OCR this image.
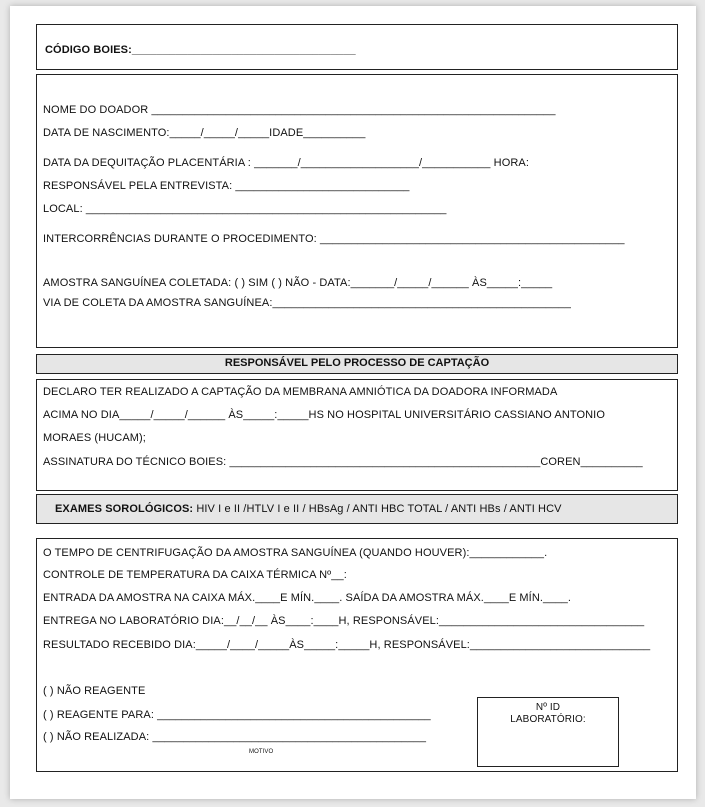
CÓDIGO BOIES:____________________________________
NOME DO DOADOR _________________________________________________________________
DATA DE NASCIMENTO:_____/_____/_____IDADE__________
DATA DA DEQUITAÇÃO PLACENTÁRIA : _______/___________________/___________ HORA:
RESPONSÁVEL PELA ENTREVISTA: ____________________________
LOCAL: __________________________________________________________
INTERCORRÊNCIAS DURANTE O PROCEDIMENTO: _________________________________________________
AMOSTRA SANGUÍNEA COLETADA: ( ) SIM ( ) NÃO - DATA:_______/_____/______ ÀS_____:_____
VIA DE COLETA DA AMOSTRA SANGUÍNEA:________________________________________________
RESPONSÁVEL PELO PROCESSO DE CAPTAÇÃO
DECLARO TER REALIZADO A CAPTAÇÃO DA MEMBRANA AMNIÓTICA DA DOADORA INFORMADA
ACIMA NO DIA_____/_____/______ ÀS_____:_____HS NO HOSPITAL UNIVERSITÁRIO CASSIANO ANTONIO
MORAES (HUCAM);
ASSINATURA DO TÉCNICO BOIES: __________________________________________________COREN__________
EXAMES SOROLÓGICOS: HIV I e II /HTLV I e II / HBsAg / ANTI HBC TOTAL / ANTI HBs / ANTI HCV
O TEMPO DE CENTRIFUGAÇÃO DA AMOSTRA SANGUÍNEA (QUANDO HOUVER):____________.
CONTROLE DE TEMPERATURA DA CAIXA TÉRMICA Nº__:
ENTRADA DA AMOSTRA NA CAIXA MÁX.____E MÍN.____. SAÍDA DA AMOSTRA MÁX.____E MÍN.____.
ENTREGA NO LABORATÓRIO DIA:__/__/__ ÀS____:____H, RESPONSÁVEL:_________________________________
RESULTADO RECEBIDO DIA:_____/____/_____ÀS_____:_____H, RESPONSÁVEL:_____________________________
( ) NÃO REAGENTE
( ) REAGENTE PARA: ____________________________________________
( ) NÃO REALIZADA: ____________________________________________
MOTIVO
Nº ID
LABORATÓRIO:
